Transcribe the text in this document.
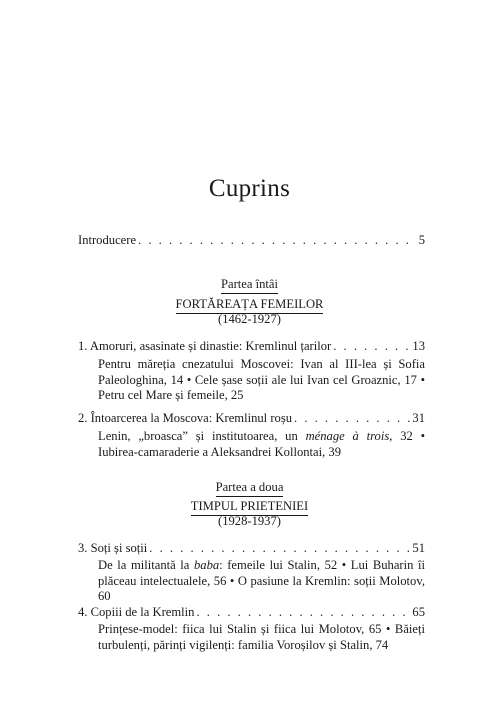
Cuprins
Introducere . . .	5
Partea întâi
FORTĂREAȚA FEMEILOR
(1462-1927)
1. Amoruri, asasinate și dinastie: Kremlinul țarilor . . .	13
Pentru măreția cnezatului Moscovei: Ivan al III-lea și Sofia Paleologhina, 14 • Cele șase soții ale lui Ivan cel Groaznic, 17 • Petru cel Mare și femeile, 25
2. Întoarcerea la Moscova: Kremlinul roșu . . .	31
Lenin, „broasca” și institutoarea, un ménage à trois, 32 • Iubirea-camaraderie a Aleksandrei Kollontai, 39
Partea a doua
TIMPUL PRIETENIEI
(1928-1937)
3. Soți și soții . . .	51
De la militantă la baba: femeile lui Stalin, 52 • Lui Buharin îi plăceau intelectualele, 56 • O pasiune la Kremlin: soții Molotov, 60
4. Copiii de la Kremlin . . .	65
Prințese-model: fiica lui Stalin și fiica lui Molotov, 65 • Băieți turbulenți, părinți vigilenți: familia Voroșilov și Stalin, 74
